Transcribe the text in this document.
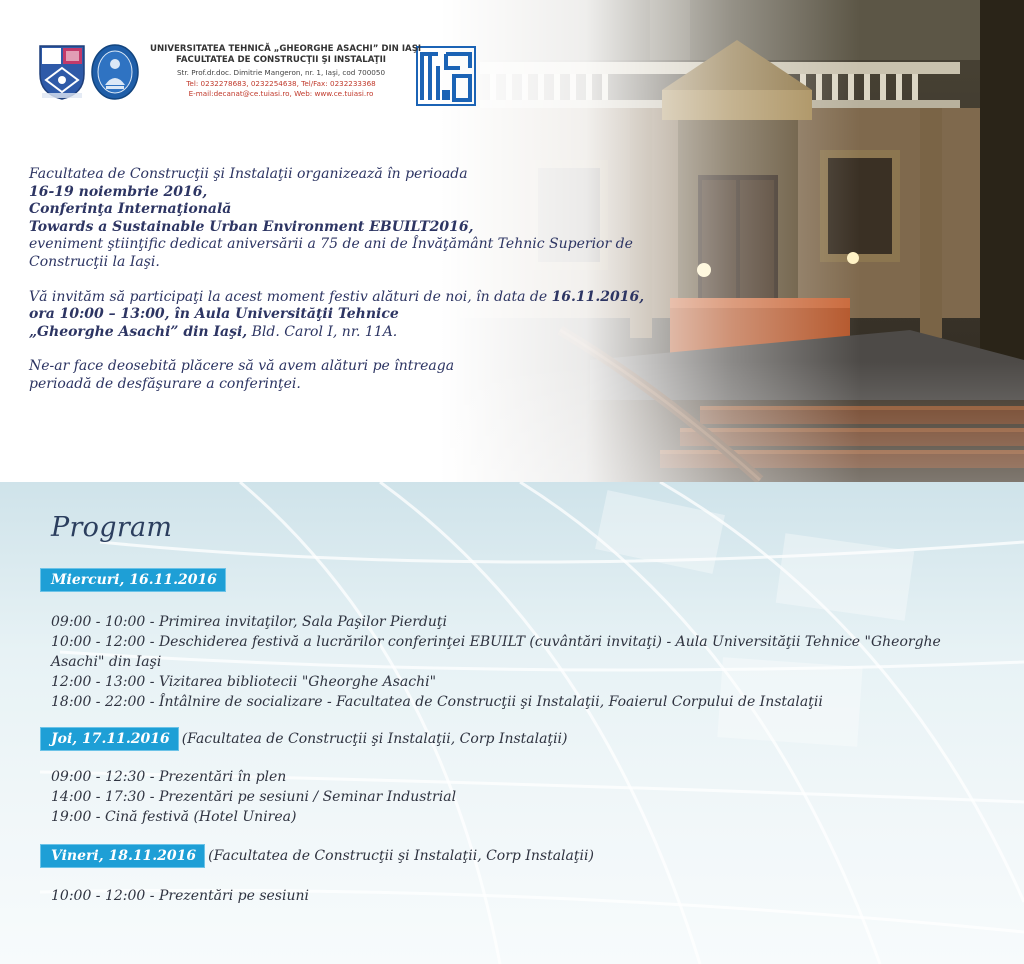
UNIVERSITATEA TEHNICĂ „GHEORGHE ASACHI” DIN IAŞI
FACULTATEA DE CONSTRUCŢII ŞI INSTALAŢII
Str. Prof.dr.doc. Dimitrie Mangeron, nr. 1, Iaşi, cod 700050
Tel: 0232278683, 0232254638, Tel/Fax: 0232233368
E-mail:decanat@ce.tuiasi.ro, Web: www.ce.tuiasi.ro

Facultatea de Construcţii şi Instalaţii organizează în perioada
16-19 noiembrie 2016,
Conferinţa Internaţională
Towards a Sustainable Urban Environment EBUILT2016,
eveniment ştiinţific dedicat aniversării a 75 de ani de Învăţământ Tehnic Superior de Construcţii la Iaşi.

Vă invităm să participaţi la acest moment festiv alături de noi, în data de 16.11.2016,
ora 10:00 – 13:00, în Aula Universităţii Tehnice
„Gheorghe Asachi” din Iaşi, Bld. Carol I, nr. 11A.

Ne-ar face deosebită plăcere să vă avem alături pe întreaga perioadă de desfăşurare a conferinţei.

Program
Miercuri, 16.11.2016
09:00 - 10:00 - Primirea invitaţilor, Sala Paşilor Pierduţi
10:00 - 12:00 - Deschiderea festivă a lucrărilor conferinţei EBUILT (cuvântări invitaţi) - Aula Universităţii Tehnice "Gheorghe Asachi" din Iaşi
12:00 - 13:00 - Vizitarea bibliotecii "Gheorghe Asachi"
18:00 - 22:00 - Întâlnire de socializare - Facultatea de Construcţii şi Instalaţii, Foaierul Corpului de Instalaţii
Joi, 17.11.2016 (Facultatea de Construcţii şi Instalaţii, Corp Instalaţii)
09:00 - 12:30 - Prezentări în plen
14:00 - 17:30 - Prezentări pe sesiuni / Seminar Industrial
19:00 - Cină festivă (Hotel Unirea)
Vineri, 18.11.2016 (Facultatea de Construcţii şi Instalaţii, Corp Instalaţii)
10:00 - 12:00 - Prezentări pe sesiuni
